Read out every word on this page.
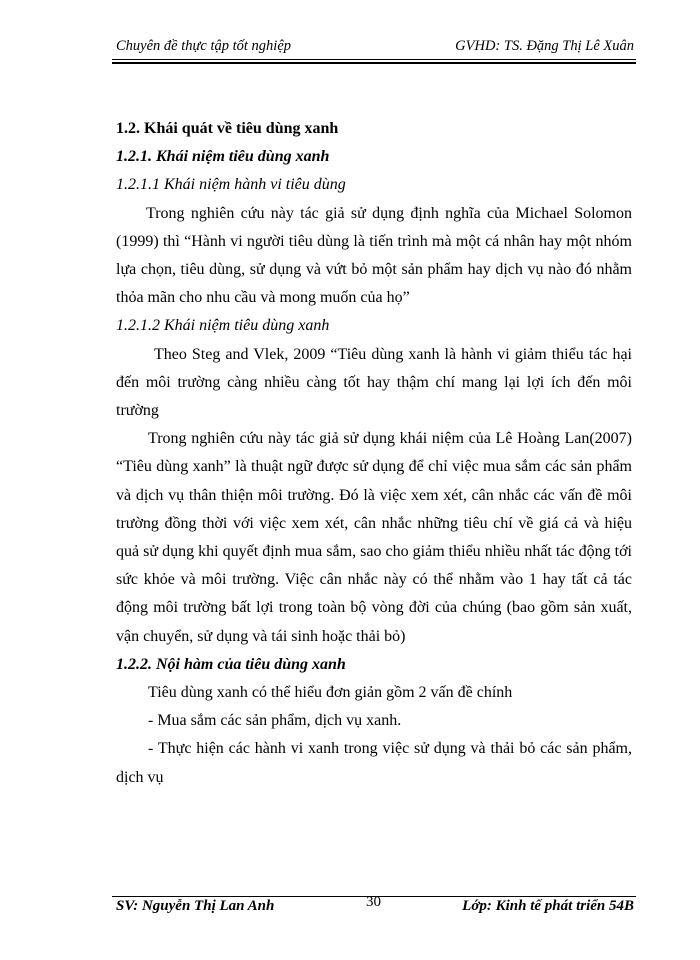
Chuyên đề thực tập tốt nghiệp	GVHD: TS. Đặng Thị Lê Xuân

1.2. Khái quát về tiêu dùng xanh

1.2.1. Khái niệm tiêu dùng xanh

1.2.1.1 Khái niệm hành vi tiêu dùng

Trong nghiên cứu này tác giả sử dụng định nghĩa của Michael Solomon (1999) thì “Hành vi người tiêu dùng là tiến trình mà một cá nhân hay một nhóm lựa chọn, tiêu dùng, sử dụng và vứt bỏ một sản phẩm hay dịch vụ nào đó nhằm thỏa mãn cho nhu cầu và mong muốn của họ”

1.2.1.2 Khái niệm tiêu dùng xanh

Theo Steg and Vlek, 2009 “Tiêu dùng xanh là hành vi giảm thiểu tác hại đến môi trường càng nhiều càng tốt hay thậm chí mang lại lợi ích đến môi trường

Trong nghiên cứu này tác giả sử dụng khái niệm của Lê Hoàng Lan(2007) “Tiêu dùng xanh” là thuật ngữ được sử dụng để chỉ việc mua sắm các sản phẩm và dịch vụ thân thiện môi trường. Đó là việc xem xét, cân nhắc các vấn đề môi trường đồng thời với việc xem xét, cân nhắc những tiêu chí về giá cả và hiệu quả sử dụng khi quyết định mua sắm, sao cho giảm thiểu nhiều nhất tác động tới sức khỏe và môi trường. Việc cân nhắc này có thể nhằm vào 1 hay tất cả tác động môi trường bất lợi trong toàn bộ vòng đời của chúng (bao gồm sản xuất, vận chuyển, sử dụng và tái sinh hoặc thải bỏ)

1.2.2. Nội hàm của tiêu dùng xanh

Tiêu dùng xanh có thể hiểu đơn giản gồm 2 vấn đề chính

- Mua sắm các sản phẩm, dịch vụ xanh.

- Thực hiện các hành vi xanh trong việc sử dụng và thải bỏ các sản phẩm, dịch vụ

SV: Nguyễn Thị Lan Anh	30	Lớp: Kinh tế phát triển 54B
